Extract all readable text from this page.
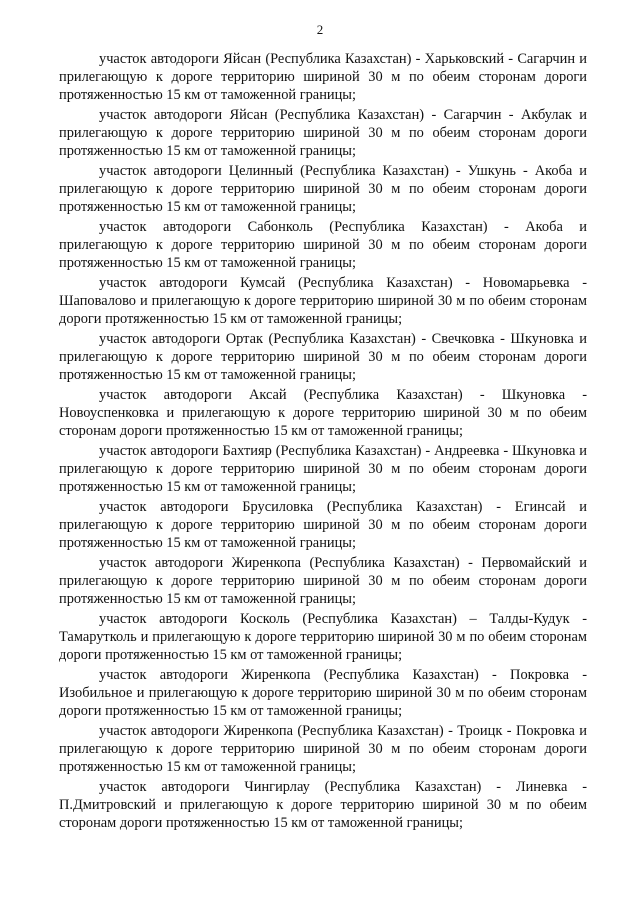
2

участок автодороги Яйсан (Республика Казахстан) - Харьковский - Сагарчин и прилегающую к дороге территорию шириной 30 м по обеим сторонам дороги протяженностью 15 км от таможенной границы;

участок автодороги Яйсан (Республика Казахстан) - Сагарчин - Акбулак и прилегающую к дороге территорию шириной 30 м по обеим сторонам дороги протяженностью 15 км от таможенной границы;

участок автодороги Целинный (Республика Казахстан) - Ушкунь - Акоба и прилегающую к дороге территорию шириной 30 м по обеим сторонам дороги протяженностью 15 км от таможенной границы;

участок автодороги Сабонколь (Республика Казахстан) - Акоба и прилегающую к дороге территорию шириной 30 м по обеим сторонам дороги протяженностью 15 км от таможенной границы;

участок автодороги Кумсай (Республика Казахстан) - Новомарьевка - Шаповалово и прилегающую к дороге территорию шириной 30 м по обеим сторонам дороги протяженностью 15 км от таможенной границы;

участок автодороги Ортак (Республика Казахстан) - Свечковка - Шкуновка и прилегающую к дороге территорию шириной 30 м по обеим сторонам дороги протяженностью 15 км от таможенной границы;

участок автодороги Аксай (Республика Казахстан) - Шкуновка - Новоуспенковка и прилегающую к дороге территорию шириной 30 м по обеим сторонам дороги протяженностью 15 км от таможенной границы;

участок автодороги Бахтияр (Республика Казахстан) - Андреевка - Шкуновка и прилегающую к дороге территорию шириной 30 м по обеим сторонам дороги протяженностью 15 км от таможенной границы;

участок автодороги Брусиловка (Республика Казахстан) - Егинсай и прилегающую к дороге территорию шириной 30 м по обеим сторонам дороги протяженностью 15 км от таможенной границы;

участок автодороги Жиренкопа (Республика Казахстан) - Первомайский и прилегающую к дороге территорию шириной 30 м по обеим сторонам дороги протяженностью 15 км от таможенной границы;

участок автодороги Косколь (Республика Казахстан) – Талды-Кудук - Тамарутколь и прилегающую к дороге территорию шириной 30 м по обеим сторонам дороги протяженностью 15 км от таможенной границы;

участок автодороги Жиренкопа (Республика Казахстан) - Покровка - Изобильное и прилегающую к дороге территорию шириной 30 м по обеим сторонам дороги протяженностью 15 км от таможенной границы;

участок автодороги Жиренкопа (Республика Казахстан) - Троицк - Покровка и прилегающую к дороге территорию шириной 30 м по обеим сторонам дороги протяженностью 15 км от таможенной границы;

участок автодороги Чингирлау (Республика Казахстан) - Линевка - П.Дмитровский и прилегающую к дороге территорию шириной 30 м по обеим сторонам дороги протяженностью 15 км от таможенной границы;
